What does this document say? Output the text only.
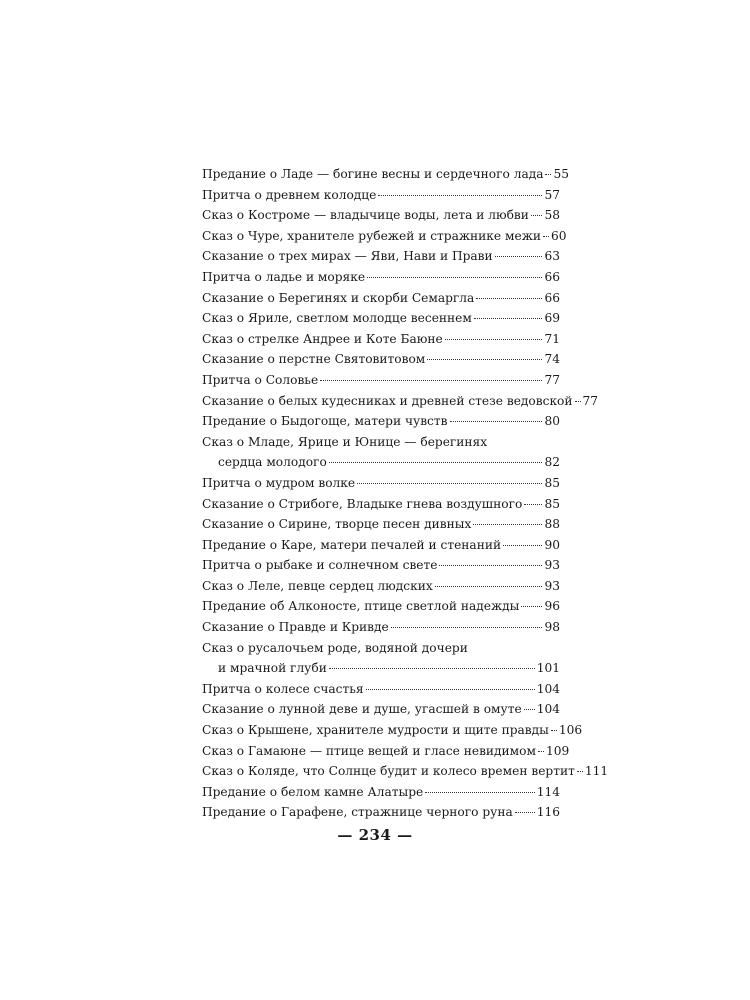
Предание о Ладе — богине весны и сердечного лада 55
Притча о древнем колодце	57
Сказ о Костроме — владычице воды, лета и любви 58
Сказ о Чуре, хранителе рубежей и стражнике межи 60
Сказание о трех мирах — Яви, Нави и Прави	63
Притча о ладье и моряке	66
Сказание о Берегинях и скорби Семаргла	66
Сказ о Яриле, светлом молодце весеннем	69
Сказ о стрелке Андрее и Коте Баюне	71
Сказание о перстне Святовитовом	74
Притча о Соловье	77
Сказание о белых кудесниках и древней стезе ведовской 77
Предание о Быдогоще, матери чувств	80
Сказ о Младе, Ярице и Юнице — берегинях
сердца молодого	82
Притча о мудром волке	85
Сказание о Стрибоге, Владыке гнева воздушного 85
Сказание о Сирине, творце песен дивных	88
Предание о Каре, матери печалей и стенаний	90
Притча о рыбаке и солнечном свете	93
Сказ о Леле, певце сердец людских	93
Предание об Алконосте, птице светлой надежды 96
Сказание о Правде и Кривде	98
Сказ о русалочьем роде, водяной дочери
и мрачной глуби	101
Притча о колесе счастья	104
Сказание о лунной деве и душе, угасшей в омуте 104
Сказ о Крышене, хранителе мудрости и щите правды 106
Сказ о Гамаюне — птице вещей и гласе невидимом 109
Сказ о Коляде, что Солнце будит и колесо времен вертит 111
Предание о белом камне Алатыре	114
Предание о Гарафене, стражнице черного руна 116
— 234 —
